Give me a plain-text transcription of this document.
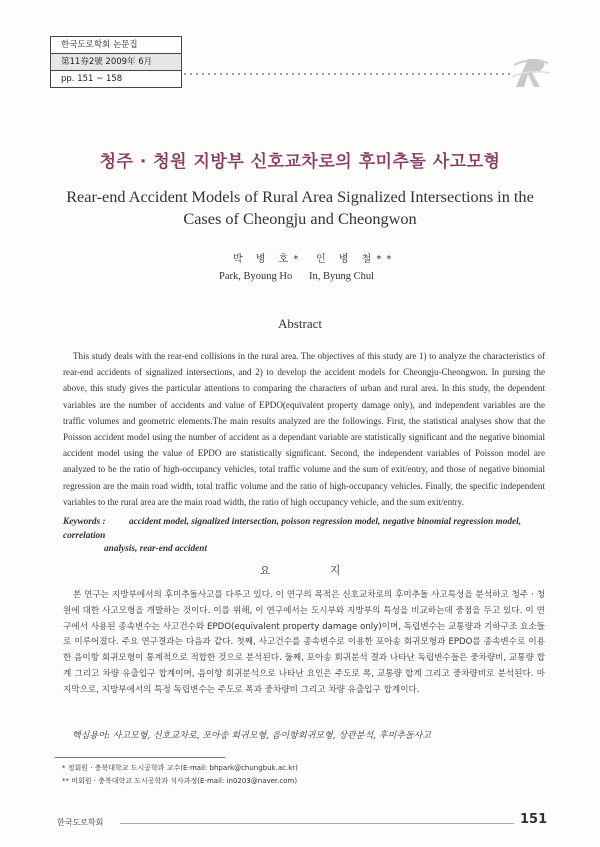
한국도로학회 논문집
第11券2號 2009年 6月
pp. 151 ~ 158
청주 · 청원 지방부 신호교차로의 후미추돌 사고모형
Rear-end Accident Models of Rural Area Signalized Intersections in the Cases of Cheongju and Cheongwon
박 병 호* 인 병 철**
Park, Byoung Ho In, Byung Chul
Abstract
This study deals with the rear-end collisions in the rural area. The objectives of this study are 1) to analyze the characteristics of rear-end accidents of signalized intersections, and 2) to develop the accident models for Cheongju-Cheongwon. In pursing the above, this study gives the particular attentions to comparing the characters of urban and rural area. In this study, the dependent variables are the number of accidents and value of EPDO(equivalent property damage only), and independent variables are the traffic volumes and geometric elements.The main results analyzed are the followings. First, the statistical analyses show that the Poisson accident model using the number of accident as a dependant variable are statistically significant and the negative binomial accident model using the value of EPDO are statistically significant. Second, the independent variables of Poisson model are analyzed to be the ratio of high-occupancy vehicles, total traffic volume and the sum of exit/entry, and those of negative binomial regression are the main road width, total traffic volume and the ratio of high-occupancy vehicles. Finally, the specific independent variables to the rural area are the main road width, the ratio of high occupancy vehicle, and the sum exit/entry.
Keywords :	accident model, signalized intersection, poisson regression model, negative binomial regression model, correlation
analysis, rear-end accident
요 지
본 연구는 지방부에서의 후미추돌사고를 다루고 있다. 이 연구의 목적은 신호교차로의 후미추돌 사고특성을 분석하고 청주 · 청원에 대한 사고모형을 개발하는 것이다. 이를 위해, 이 연구에서는 도시부와 지방부의 특성을 비교하는데 중점을 두고 있다. 이 연구에서 사용된 종속변수는 사고건수와 EPDO(equivalent property damage only)이며, 독립변수는 교통량과 기하구조 요소들로 이루어졌다. 주요 연구결과는 다음과 같다. 첫째, 사고건수를 종속변수로 이용한 포아송 회귀모형과 EPDO를 종속변수로 이용한 음이항 회귀모형이 통계적으로 적합한 것으로 분석된다. 둘째, 포아송 회귀분석 결과 나타난 독립변수들은 중차량비, 교통량 합계 그리고 차량 유출입구 합계이며, 음이항 회귀분석으로 나타난 요인은 주도로 폭, 교통량 합계 그리고 중차량비로 분석된다. 마지막으로, 지방부에서의 특정 독립변수는 주도로 폭과 중차량비 그리고 차량 유출입구 합계이다.
핵심용어: 사고모형, 신호교차로, 포아송 회귀모형, 음이항회귀모형, 상관분석, 후미추돌사고
* 정회원 · 충북대학교 도시공학과 교수(E-mail: bhpark@chungbuk.ac.kr)
** 비회원 · 충북대학교 도시공학과 석사과정(E-mail: in0203@naver.com)
한국도로학회	151
